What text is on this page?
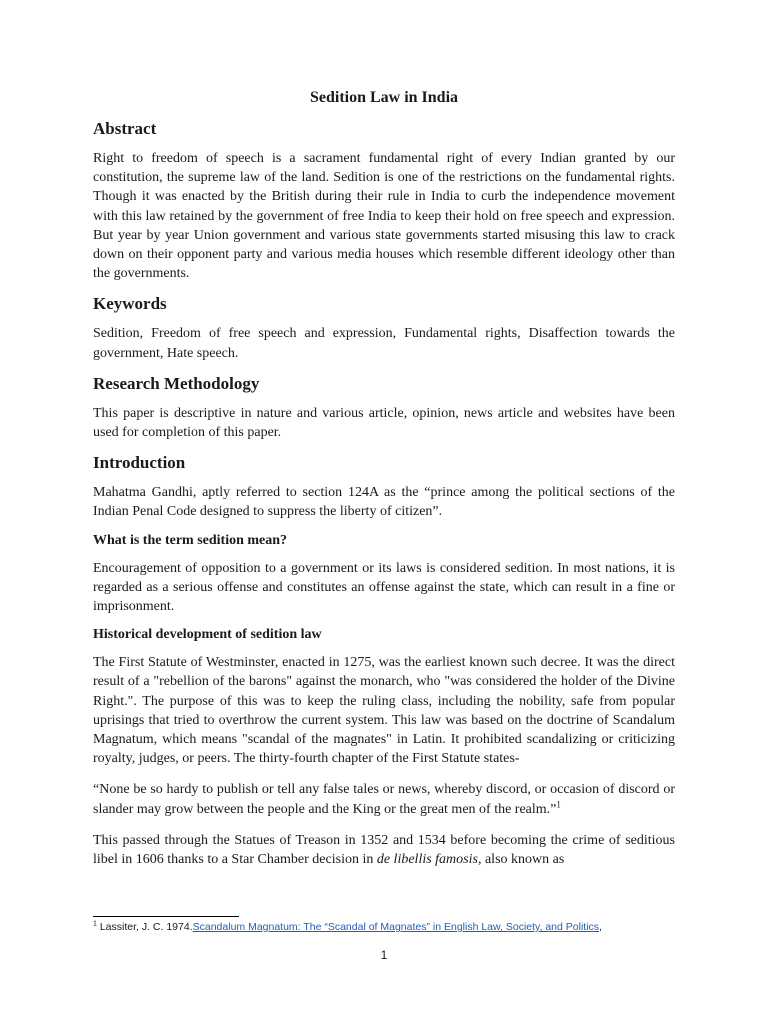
Sedition Law in India
Abstract

Right to freedom of speech is a sacrament fundamental right of every Indian granted by our constitution, the supreme law of the land. Sedition is one of the restrictions on the fundamental rights. Though it was enacted by the British during their rule in India to curb the independence movement with this law retained by the government of free India to keep their hold on free speech and expression. But year by year Union government and various state governments started misusing this law to crack down on their opponent party and various media houses which resemble different ideology other than the governments.

Keywords

Sedition, Freedom of free speech and expression, Fundamental rights, Disaffection towards the government, Hate speech.

Research Methodology

This paper is descriptive in nature and various article, opinion, news article and websites have been used for completion of this paper.

Introduction

Mahatma Gandhi, aptly referred to section 124A as the “prince among the political sections of the Indian Penal Code designed to suppress the liberty of citizen”.

What is the term sedition mean?

Encouragement of opposition to a government or its laws is considered sedition. In most nations, it is regarded as a serious offense and constitutes an offense against the state, which can result in a fine or imprisonment.

Historical development of sedition law

The First Statute of Westminster, enacted in 1275, was the earliest known such decree. It was the direct result of a "rebellion of the barons" against the monarch, who "was considered the holder of the Divine Right.". The purpose of this was to keep the ruling class, including the nobility, safe from popular uprisings that tried to overthrow the current system. This law was based on the doctrine of Scandalum Magnatum, which means "scandal of the magnates" in Latin. It prohibited scandalizing or criticizing royalty, judges, or peers. The thirty-fourth chapter of the First Statute states-

“None be so hardy to publish or tell any false tales or news, whereby discord, or occasion of discord or slander may grow between the people and the King or the great men of the realm.”$^1$

This passed through the Statues of Treason in 1352 and 1534 before becoming the crime of seditious libel in 1606 thanks to a Star Chamber decision in de libellis famosis, also known as

$^1$ Lassiter, J. C. 1974.Scandalum Magnatum: The “Scandal of Magnates” in English Law, Society, and Politics,
1
